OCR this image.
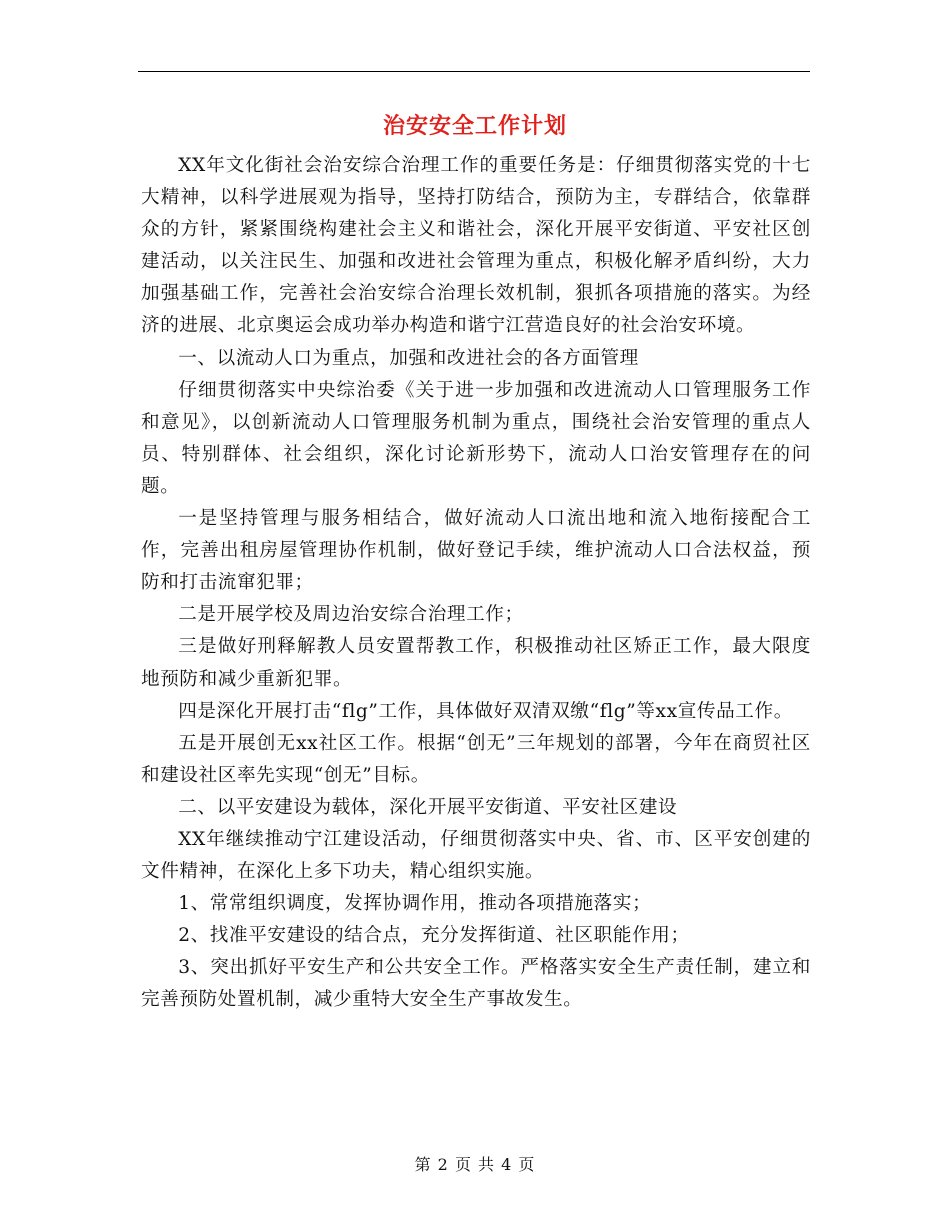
治安安全工作计划

XX年文化街社会治安综合治理工作的重要任务是：仔细贯彻落实党的十七大精神，以科学进展观为指导，坚持打防结合，预防为主，专群结合，依靠群众的方针，紧紧围绕构建社会主义和谐社会，深化开展平安街道、平安社区创建活动，以关注民生、加强和改进社会管理为重点，积极化解矛盾纠纷，大力加强基础工作，完善社会治安综合治理长效机制，狠抓各项措施的落实。为经济的进展、北京奥运会成功举办构造和谐宁江营造良好的社会治安环境。

一、以流动人口为重点，加强和改进社会的各方面管理

仔细贯彻落实中央综治委《关于进一步加强和改进流动人口管理服务工作和意见》，以创新流动人口管理服务机制为重点，围绕社会治安管理的重点人员、特别群体、社会组织，深化讨论新形势下，流动人口治安管理存在的问题。

一是坚持管理与服务相结合，做好流动人口流出地和流入地衔接配合工作，完善出租房屋管理协作机制，做好登记手续，维护流动人口合法权益，预防和打击流窜犯罪；

二是开展学校及周边治安综合治理工作；

三是做好刑释解教人员安置帮教工作，积极推动社区矫正工作，最大限度地预防和减少重新犯罪。

四是深化开展打击“flg”工作，具体做好双清双缴“flg”等xx宣传品工作。

五是开展创无xx社区工作。根据“创无”三年规划的部署，今年在商贸社区和建设社区率先实现“创无”目标。

二、以平安建设为载体，深化开展平安街道、平安社区建设

XX年继续推动宁江建设活动，仔细贯彻落实中央、省、市、区平安创建的文件精神，在深化上多下功夫，精心组织实施。

1、常常组织调度，发挥协调作用，推动各项措施落实；

2、找准平安建设的结合点，充分发挥街道、社区职能作用；

3、突出抓好平安生产和公共安全工作。严格落实安全生产责任制，建立和完善预防处置机制，减少重特大安全生产事故发生。

第 2 页 共 4 页
